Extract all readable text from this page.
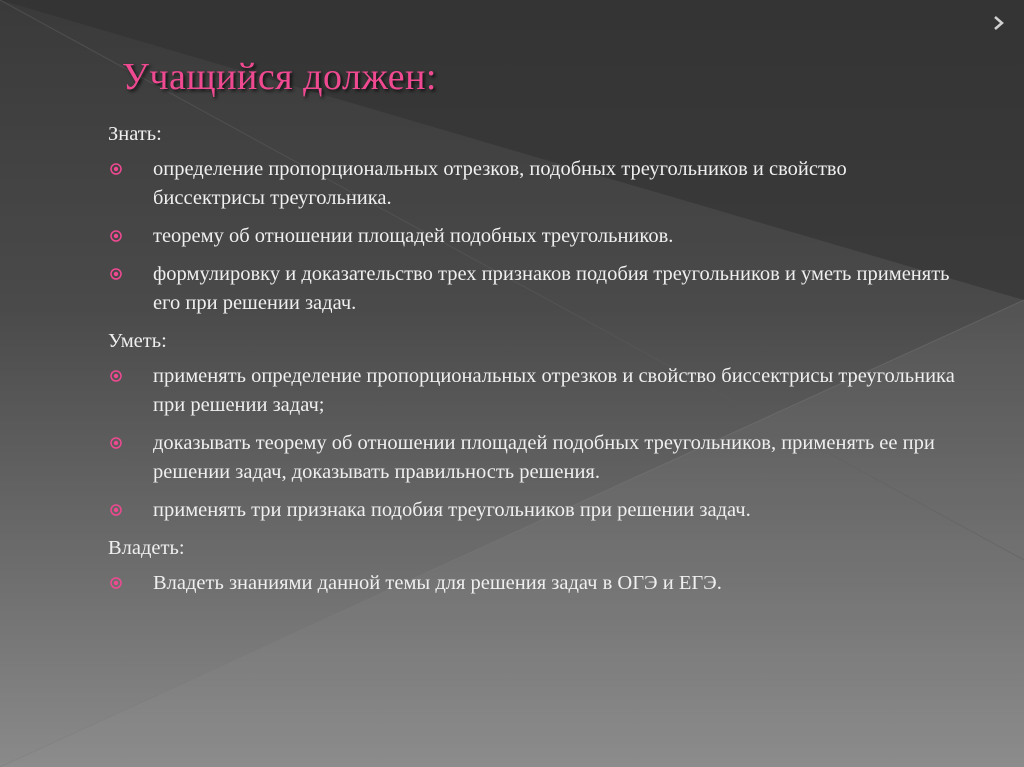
Учащийся должен:
Знать:
определение пропорциональных отрезков, подобных треугольников и свойство биссектрисы треугольника.
теорему об отношении площадей подобных треугольников.
формулировку и доказательство трех признаков подобия треугольников и уметь применять его при решении задач.
Уметь:
применять определение пропорциональных отрезков и свойство биссектрисы треугольника при решении задач;
доказывать теорему об отношении площадей подобных треугольников, применять ее при решении задач, доказывать правильность решения.
применять три признака подобия треугольников при решении задач.
Владеть:
Владеть знаниями данной темы для решения задач в ОГЭ и ЕГЭ.
